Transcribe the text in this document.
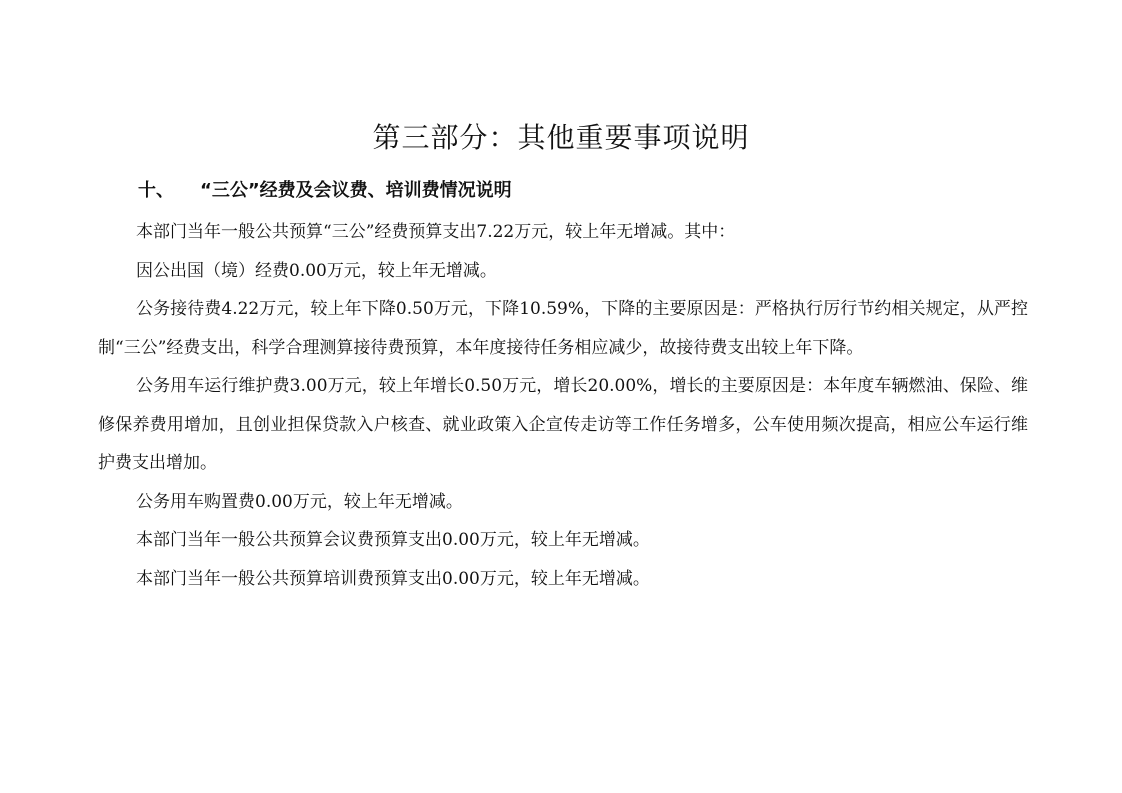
第三部分：其他重要事项说明
十、 “三公”经费及会议费、培训费情况说明

本部门当年一般公共预算“三公”经费预算支出7.22万元，较上年无增减。其中：

因公出国（境）经费0.00万元，较上年无增减。

公务接待费4.22万元，较上年下降0.50万元，下降10.59%，下降的主要原因是：严格执行厉行节约相关规定，从严控制“三公”经费支出，科学合理测算接待费预算，本年度接待任务相应减少，故接待费支出较上年下降。

公务用车运行维护费3.00万元，较上年增长0.50万元，增长20.00%，增长的主要原因是：本年度车辆燃油、保险、维修保养费用增加，且创业担保贷款入户核查、就业政策入企宣传走访等工作任务增多，公车使用频次提高，相应公车运行维护费支出增加。

公务用车购置费0.00万元，较上年无增减。

本部门当年一般公共预算会议费预算支出0.00万元，较上年无增减。

本部门当年一般公共预算培训费预算支出0.00万元，较上年无增减。
